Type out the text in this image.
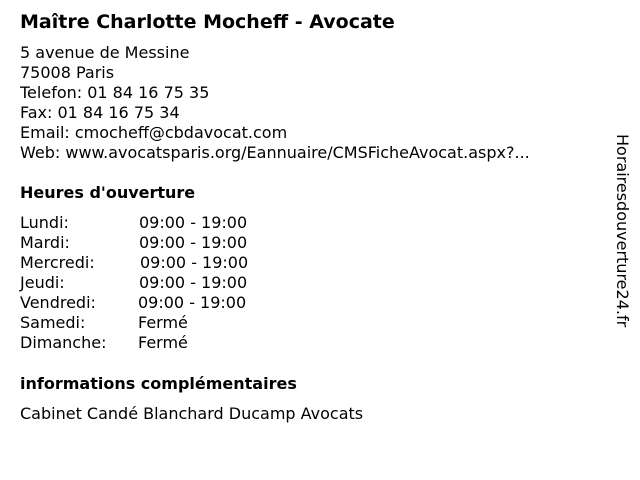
Maître Charlotte Mocheff - Avocate
5 avenue de Messine
75008 Paris
Telefon: 01 84 16 75 35
Fax: 01 84 16 75 34
Email: cmocheff@cbdavocat.com
Web: www.avocatsparis.org/Eannuaire/CMSFicheAvocat.aspx?...
Heures d'ouverture
Lundi:	09:00 - 19:00
Mardi:	09:00 - 19:00
Mercredi:	09:00 - 19:00
Jeudi:	09:00 - 19:00
Vendredi:	09:00 - 19:00
Samedi:	Fermé
Dimanche: Fermé
informations complémentaires
Cabinet Candé Blanchard Ducamp Avocats
Horairesdouverture24.fr
